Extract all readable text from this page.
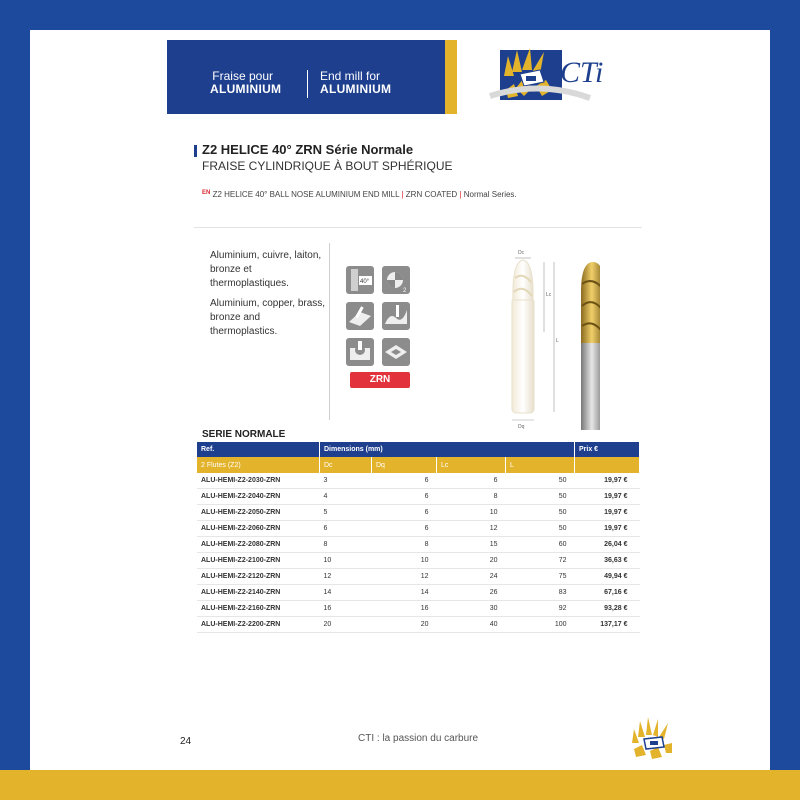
Fraise pour
ALUMINIUM
End mill for
ALUMINIUM	CTi
Z2 HELICE 40° ZRN Série Normale
FRAISE CYLINDRIQUE À BOUT SPHÉRIQUE
$^{EN}$ Z2 HELICE 40° BALL NOSE ALUMINIUM END MILL | ZRN COATED | Normal Series.
Aluminium, cuivre, laiton, bronze et thermoplastiques.
Aluminium, copper, brass, bronze and thermoplastics.
40°
2
ZRN
Dc
Lc
L
Dq
SERIE NORMALE
Ref.	Dimensions (mm)				Prix €
2 Flutes (Z2)	Dc	Dq	Lc	L	
ALU-HEMI-Z2-2030-ZRN	3	6	6	50	19,97 €
ALU-HEMI-Z2-2040-ZRN	4	6	8	50	19,97 €
ALU-HEMI-Z2-2050-ZRN	5	6	10	50	19,97 €
ALU-HEMI-Z2-2060-ZRN	6	6	12	50	19,97 €
ALU-HEMI-Z2-2080-ZRN	8	8	15	60	26,04 €
ALU-HEMI-Z2-2100-ZRN	10	10	20	72	36,63 €
ALU-HEMI-Z2-2120-ZRN	12	12	24	75	49,94 €
ALU-HEMI-Z2-2140-ZRN	14	14	26	83	67,16 €
ALU-HEMI-Z2-2160-ZRN	16	16	30	92	93,28 €
ALU-HEMI-Z2-2200-ZRN	20	20	40	100	137,17 €
24	CTI : la passion du carbure
